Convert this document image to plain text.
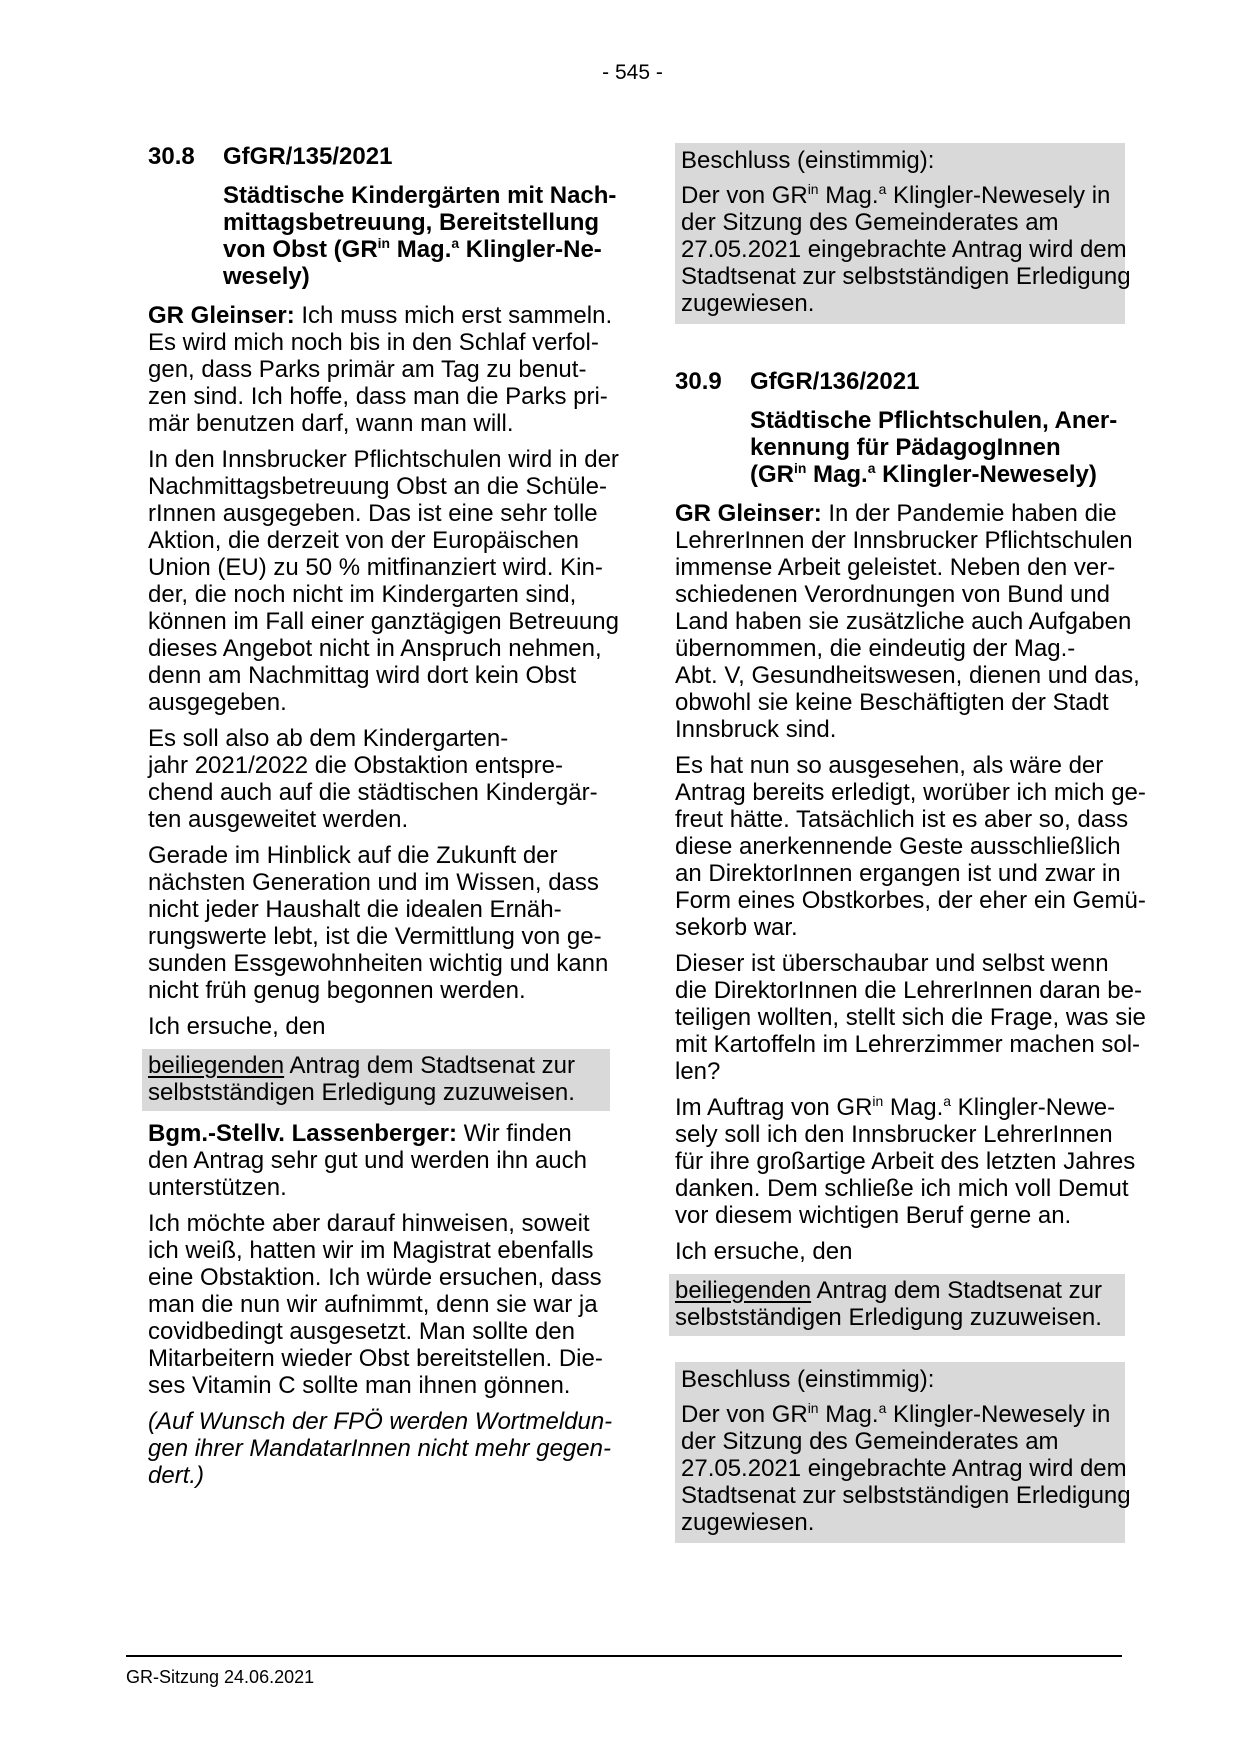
- 545 -
30.8	GfGR/135/2021
Städtische Kindergärten mit Nach-
mittagsbetreuung, Bereitstellung
von Obst ($GR^{in}$ Mag.$^a$ Klingler-Ne-
wesely)

GR Gleinser: Ich muss mich erst sammeln.
Es wird mich noch bis in den Schlaf verfol-
gen, dass Parks primär am Tag zu benut-
zen sind. Ich hoffe, dass man die Parks pri-
mär benutzen darf, wann man will.

In den Innsbrucker Pflichtschulen wird in der
Nachmittagsbetreuung Obst an die Schüle-
rInnen ausgegeben. Das ist eine sehr tolle
Aktion, die derzeit von der Europäischen
Union (EU) zu 50 % mitfinanziert wird. Kin-
der, die noch nicht im Kindergarten sind,
können im Fall einer ganztägigen Betreuung
dieses Angebot nicht in Anspruch nehmen,
denn am Nachmittag wird dort kein Obst
ausgegeben.

Es soll also ab dem Kindergarten-
jahr 2021/2022 die Obstaktion entspre-
chend auch auf die städtischen Kindergär-
ten ausgeweitet werden.

Gerade im Hinblick auf die Zukunft der
nächsten Generation und im Wissen, dass
nicht jeder Haushalt die idealen Ernäh-
rungswerte lebt, ist die Vermittlung von ge-
sunden Essgewohnheiten wichtig und kann
nicht früh genug begonnen werden.

Ich ersuche, den

beiliegenden Antrag dem Stadtsenat zur
selbstständigen Erledigung zuzuweisen.

Bgm.-Stellv. Lassenberger: Wir finden
den Antrag sehr gut und werden ihn auch
unterstützen.

Ich möchte aber darauf hinweisen, soweit
ich weiß, hatten wir im Magistrat ebenfalls
eine Obstaktion. Ich würde ersuchen, dass
man die nun wir aufnimmt, denn sie war ja
covidbedingt ausgesetzt. Man sollte den
Mitarbeitern wieder Obst bereitstellen. Die-
ses Vitamin C sollte man ihnen gönnen.

(Auf Wunsch der FPÖ werden Wortmeldun-
gen ihrer MandatarInnen nicht mehr gegen-
dert.)

Beschluss (einstimmig):

Der von $GR^{in}$ Mag.$^a$ Klingler-Newesely in
der Sitzung des Gemeinderates am
27.05.2021 eingebrachte Antrag wird dem
Stadtsenat zur selbstständigen Erledigung
zugewiesen.

30.9	GfGR/136/2021
Städtische Pflichtschulen, Aner-
kennung für PädagogInnen
($GR^{in}$ Mag.$^a$ Klingler-Newesely)

GR Gleinser: In der Pandemie haben die
LehrerInnen der Innsbrucker Pflichtschulen
immense Arbeit geleistet. Neben den ver-
schiedenen Verordnungen von Bund und
Land haben sie zusätzliche auch Aufgaben
übernommen, die eindeutig der Mag.-
Abt. V, Gesundheitswesen, dienen und das,
obwohl sie keine Beschäftigten der Stadt
Innsbruck sind.

Es hat nun so ausgesehen, als wäre der
Antrag bereits erledigt, worüber ich mich ge-
freut hätte. Tatsächlich ist es aber so, dass
diese anerkennende Geste ausschließlich
an DirektorInnen ergangen ist und zwar in
Form eines Obstkorbes, der eher ein Gemü-
sekorb war.

Dieser ist überschaubar und selbst wenn
die DirektorInnen die LehrerInnen daran be-
teiligen wollten, stellt sich die Frage, was sie
mit Kartoffeln im Lehrerzimmer machen sol-
len?

Im Auftrag von $GR^{in}$ Mag.$^a$ Klingler-Newe-
sely soll ich den Innsbrucker LehrerInnen
für ihre großartige Arbeit des letzten Jahres
danken. Dem schließe ich mich voll Demut
vor diesem wichtigen Beruf gerne an.

Ich ersuche, den

beiliegenden Antrag dem Stadtsenat zur
selbstständigen Erledigung zuzuweisen.

Beschluss (einstimmig):

Der von $GR^{in}$ Mag.$^a$ Klingler-Newesely in
der Sitzung des Gemeinderates am
27.05.2021 eingebrachte Antrag wird dem
Stadtsenat zur selbstständigen Erledigung
zugewiesen.

GR-Sitzung 24.06.2021
